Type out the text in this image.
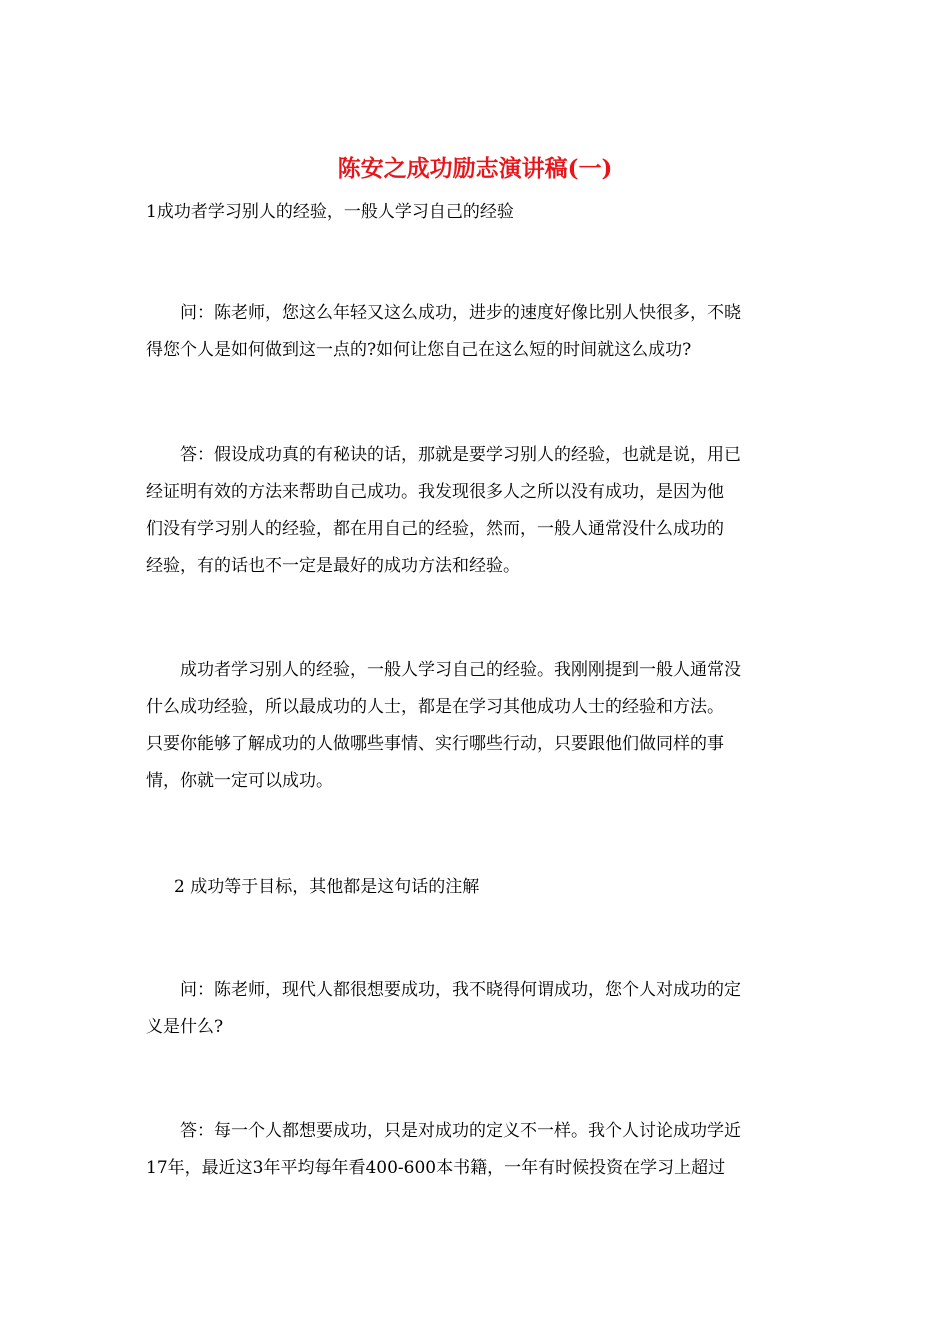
陈安之成功励志演讲稿(一)

1成功者学习别人的经验，一般人学习自己的经验

问：陈老师，您这么年轻又这么成功，进步的速度好像比别人快很多，不晓
得您个人是如何做到这一点的?如何让您自己在这么短的时间就这么成功?

答：假设成功真的有秘诀的话，那就是要学习别人的经验，也就是说，用已
经证明有效的方法来帮助自己成功。我发现很多人之所以没有成功，是因为他
们没有学习别人的经验，都在用自己的经验，然而，一般人通常没什么成功的
经验，有的话也不一定是最好的成功方法和经验。

成功者学习别人的经验，一般人学习自己的经验。我刚刚提到一般人通常没
什么成功经验，所以最成功的人士，都是在学习其他成功人士的经验和方法。
只要你能够了解成功的人做哪些事情、实行哪些行动，只要跟他们做同样的事
情，你就一定可以成功。

2 成功等于目标，其他都是这句话的注解

问：陈老师，现代人都很想要成功，我不晓得何谓成功，您个人对成功的定
义是什么?

答：每一个人都想要成功，只是对成功的定义不一样。我个人讨论成功学近
17年，最近这3年平均每年看400-600本书籍，一年有时候投资在学习上超过
